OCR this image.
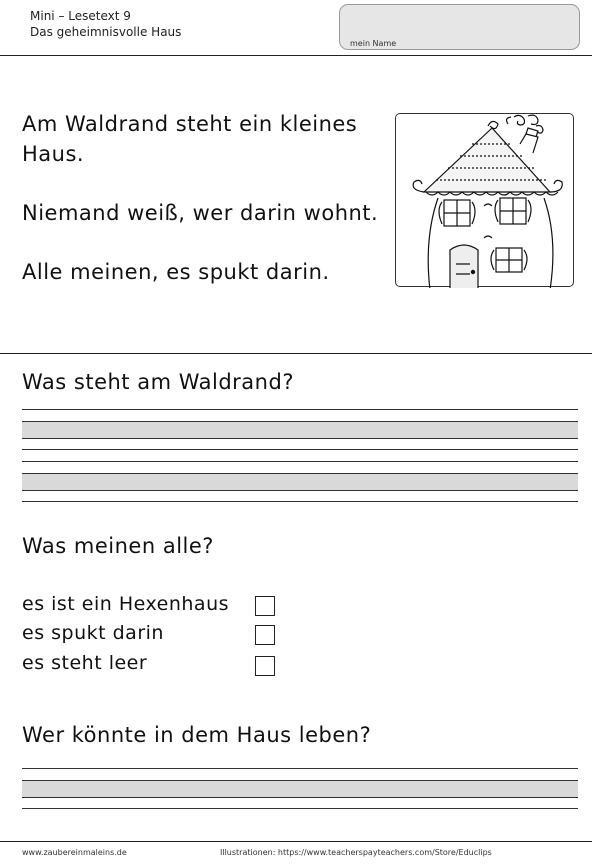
Mini – Lesetext 9
Das geheimnisvolle Haus
mein Name
Am Waldrand steht ein kleines
Haus.
Niemand weiß, wer darin wohnt.
Alle meinen, es spukt darin.
Was steht am Waldrand?
Was meinen alle?
es ist ein Hexenhaus
es spukt darin
es steht leer
Wer könnte in dem Haus leben?
www.zaubereinmaleins.de	Illustrationen: https://www.teacherspayteachers.com/Store/Educlips
